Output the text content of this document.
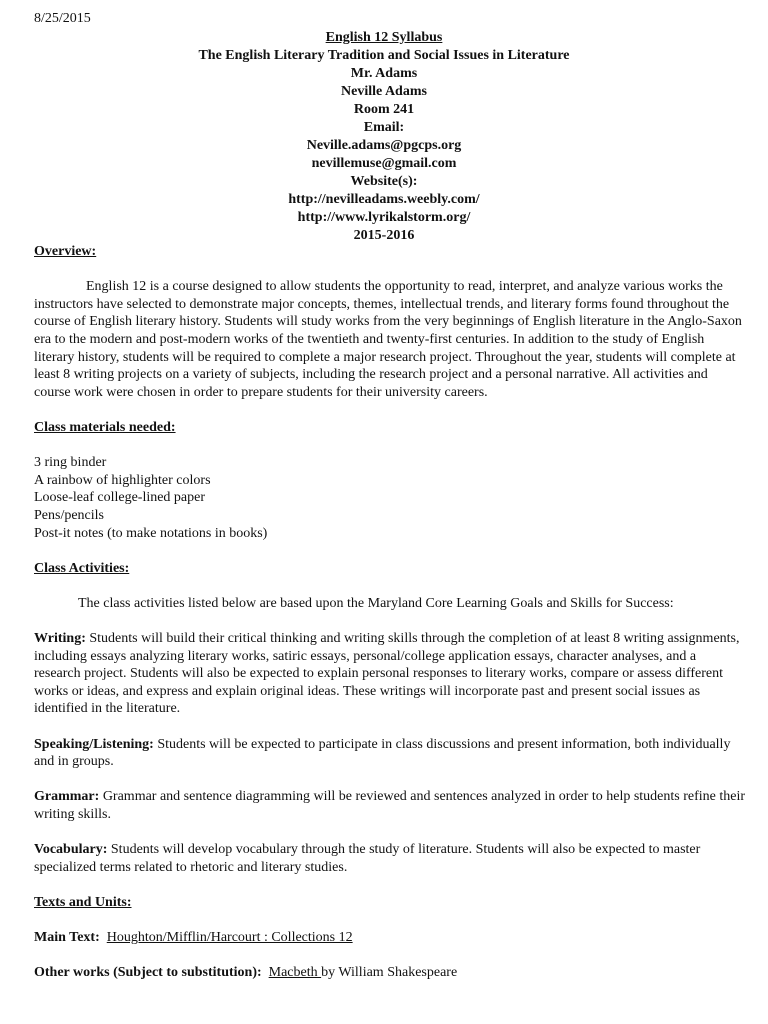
8/25/2015
English 12 Syllabus
The English Literary Tradition and Social Issues in Literature
Mr. Adams
Neville Adams
Room 241
Email:
Neville.adams@pgcps.org
nevillemuse@gmail.com
Website(s):
http://nevilleadams.weebly.com/
http://www.lyrikalstorm.org/
2015-2016

Overview:

English 12 is a course designed to allow students the opportunity to read, interpret, and analyze various works the instructors have selected to demonstrate major concepts, themes, intellectual trends, and literary forms found throughout the course of English literary history. Students will study works from the very beginnings of English literature in the Anglo-Saxon era to the modern and post-modern works of the twentieth and twenty-first centuries. In addition to the study of English literary history, students will be required to complete a major research project. Throughout the year, students will complete at least 8 writing projects on a variety of subjects, including the research project and a personal narrative. All activities and course work were chosen in order to prepare students for their university careers.

Class materials needed:

3 ring binder
A rainbow of highlighter colors
Loose-leaf college-lined paper
Pens/pencils
Post-it notes (to make notations in books)

Class Activities:

The class activities listed below are based upon the Maryland Core Learning Goals and Skills for Success:

Writing: Students will build their critical thinking and writing skills through the completion of at least 8 writing assignments, including essays analyzing literary works, satiric essays, personal/college application essays, character analyses, and a research project. Students will also be expected to explain personal responses to literary works, compare or assess different works or ideas, and express and explain original ideas. These writings will incorporate past and present social issues as identified in the literature.

Speaking/Listening: Students will be expected to participate in class discussions and present information, both individually and in groups.

Grammar: Grammar and sentence diagramming will be reviewed and sentences analyzed in order to help students refine their writing skills.

Vocabulary: Students will develop vocabulary through the study of literature. Students will also be expected to master specialized terms related to rhetoric and literary studies.

Texts and Units:

Main Text: Houghton/Mifflin/Harcourt : Collections 12

Other works (Subject to substitution): Macbeth by William Shakespeare
